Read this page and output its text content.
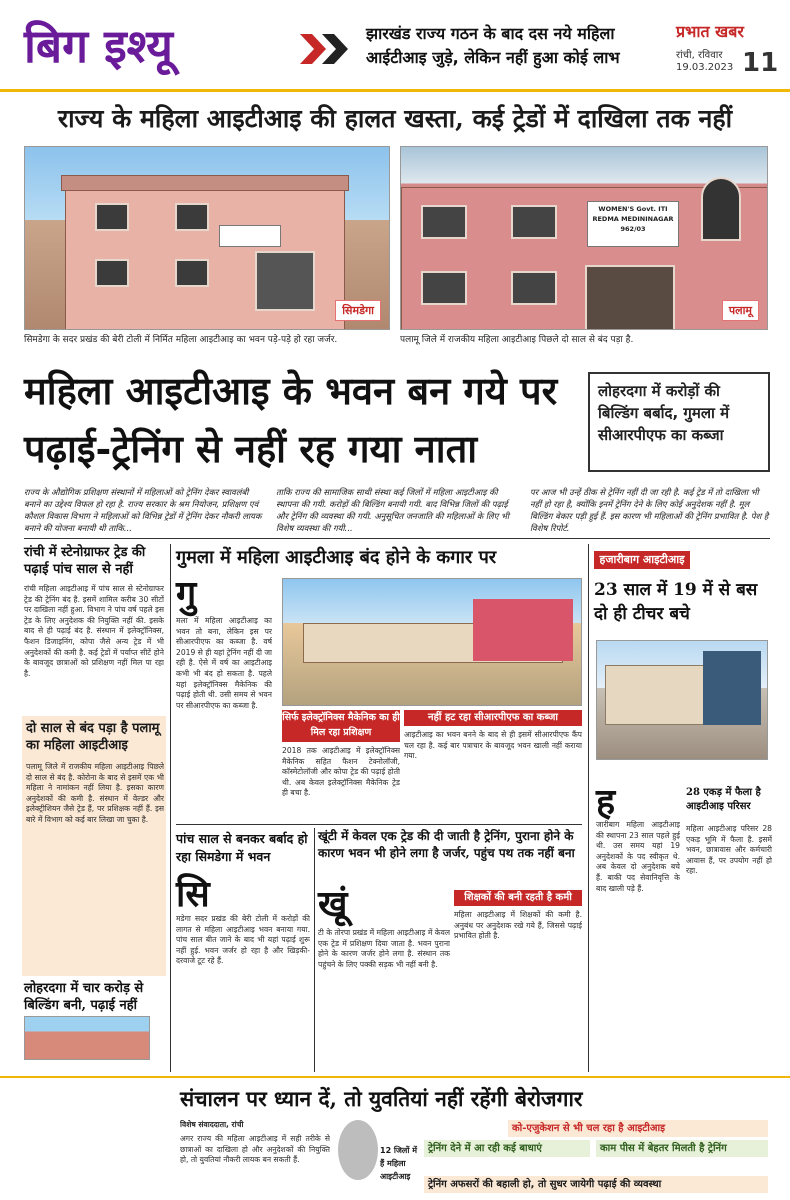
बिग इश्यू	झारखंड राज्य गठन के बाद दस नये महिला आईटीआइ जुड़े, लेकिन नहीं हुआ कोई लाभ
प्रभात खबर
रांची, रविवार
19.03.2023 11
राज्य के महिला आइटीआइ की हालत खस्ता, कई ट्रेडों में दाखिला तक नहीं
सिमडेगा
सिमडेगा के सदर प्रखंड की बेरी टोली में निर्मित महिला आइटीआइ का भवन पड़े-पड़े हो रहा जर्जर.
WOMEN'S Govt. ITI REDMA MEDININAGAR 962/03
पलामू
पलामू जिले में राजकीय महिला आइटीआइ पिछले दो साल से बंद पड़ा है.
महिला आइटीआइ के भवन बन गये पर पढ़ाई-ट्रेनिंग से नहीं रह गया नाता
लोहरदगा में करोड़ों की बिल्डिंग बर्बाद, गुमला में सीआरपीएफ का कब्जा
राज्य के औद्योगिक प्रशिक्षण संस्थानों में महिलाओं को ट्रेनिंग देकर स्वावलंबी बनाने का उद्देश्य विफल हो रहा है. राज्य सरकार के श्रम नियोजन, प्रशिक्षण एवं कौशल विकास विभाग ने महिलाओं को विभिन्न ट्रेडों में ट्रेनिंग देकर नौकरी लायक बनाने की योजना बनायी थी ताकि...
ताकि राज्य की सामाजिक साथी संस्था कई जिलों में महिला आइटीआइ की स्थापना की गयी. करोड़ों की बिल्डिंग बनायी गयी. बाद विभिन्न जिलों की पढ़ाई और ट्रेनिंग की व्यवस्था की गयी. अनुसूचित जनजाति की महिलाओं के लिए भी विशेष व्यवस्था की गयी...
पर आज भी उन्हें ठीक से ट्रेनिंग नहीं दी जा रही है. कई ट्रेड में तो दाखिला भी नहीं हो रहा है, क्योंकि इनमें ट्रेनिंग देने के लिए कोई अनुदेशक नहीं है. मूल बिल्डिंग बेकार पड़ी हुई हैं. इस कारण भी महिलाओं की ट्रेनिंग प्रभावित है. पेश है विशेष रिपोर्ट.
रांची में स्टेनोग्राफर ट्रेड की पढ़ाई पांच साल से नहीं
रांची महिला आइटीआइ में पांच साल से स्टेनोग्राफर ट्रेड की ट्रेनिंग बंद है. इसमें शामिल करीब 30 सीटों पर दाखिला नहीं हुआ. विभाग ने पांच वर्ष पहले इस ट्रेड के लिए अनुदेशक की नियुक्ति नहीं की. इसके बाद से ही पढ़ाई बंद है. संस्थान में इलेक्ट्रॉनिक्स, फैशन डिजाइनिंग, कोपा जैसे अन्य ट्रेड में भी अनुदेशकों की कमी है. कई ट्रेडों में पर्याप्त सीटें होने के बावजूद छात्राओं को प्रशिक्षण नहीं मिल पा रहा है.
दो साल से बंद पड़ा है पलामू का महिला आइटीआइ
पलामू जिले में राजकीय महिला आइटीआइ पिछले दो साल से बंद है. कोरोना के बाद से इसमें एक भी महिला ने नामांकन नहीं लिया है. इसका कारण अनुदेशकों की कमी है. संस्थान में वेल्डर और इलेक्ट्रीशियन जैसे ट्रेड हैं, पर प्रशिक्षक नहीं हैं. इस बारे में विभाग को कई बार लिखा जा चुका है.
लोहरदगा में चार करोड़ से बिल्डिंग बनी, पढ़ाई नहीं
गुमला में महिला आइटीआइ बंद होने के कगार पर
गु
मला में महिला आइटीआइ का भवन तो बना, लेकिन इस पर सीआरपीएफ का कब्जा है. वर्ष 2019 से ही यहां ट्रेनिंग नहीं दी जा रही है. ऐसे में वर्ष का आइटीआइ कभी भी बंद हो सकता है. पहले यहां इलेक्ट्रॉनिक्स मैकेनिक की पढ़ाई होती थी. उसी समय से भवन पर सीआरपीएफ का कब्जा है.
सिर्फ इलेक्ट्रॉनिक्स मैकेनिक का ही मिल रहा प्रशिक्षण
नहीं हट रहा सीआरपीएफ का कब्जा
2018 तक आइटीआइ में इलेक्ट्रॉनिक्स मैकेनिक सहित फैशन टेक्नोलॉजी, कॉस्मेटोलॉजी और कोपा ट्रेड की पढ़ाई होती थी. अब केवल इलेक्ट्रॉनिक्स मैकेनिक ट्रेड ही बचा है.
आइटीआइ का भवन बनने के बाद से ही इसमें सीआरपीएफ कैंप चल रहा है. कई बार पत्राचार के बावजूद भवन खाली नहीं कराया गया.
हजारीबाग आइटीआइ
23 साल में 19 में से बस दो ही टीचर बचे
ह
जारीबाग महिला आइटीआइ की स्थापना 23 साल पहले हुई थी. उस समय यहां 19 अनुदेशकों के पद स्वीकृत थे. अब केवल दो अनुदेशक बचे हैं. बाकी पद सेवानिवृत्ति के बाद खाली पड़े हैं.
28 एकड़ में फैला है आइटीआइ परिसर
महिला आइटीआइ परिसर 28 एकड़ भूमि में फैला है. इसमें भवन, छात्रावास और कर्मचारी आवास हैं, पर उपयोग नहीं हो रहा.
पांच साल से बनकर बर्बाद हो रहा सिमडेगा में भवन
सि
मडेगा सदर प्रखंड की बेरी टोली में करोड़ों की लागत से महिला आइटीआइ भवन बनाया गया. पांच साल बीत जाने के बाद भी यहां पढ़ाई शुरू नहीं हुई. भवन जर्जर हो रहा है और खिड़की-दरवाजे टूट रहे हैं.
खूंटी में केवल एक ट्रेड की दी जाती है ट्रेनिंग, पुराना होने के कारण भवन भी होने लगा है जर्जर, पहुंच पथ तक नहीं बना
खूं
टी के तोरपा प्रखंड में महिला आइटीआइ में केवल एक ट्रेड में प्रशिक्षण दिया जाता है. भवन पुराना होने के कारण जर्जर होने लगा है. संस्थान तक पहुंचने के लिए पक्की सड़क भी नहीं बनी है.
शिक्षकों की बनी रहती है कमी
महिला आइटीआइ में शिक्षकों की कमी है. अनुबंध पर अनुदेशक रखे गये हैं, जिससे पढ़ाई प्रभावित होती है.
संचालन पर ध्यान दें, तो युवतियां नहीं रहेंगी बेरोजगार
विशेष संवाददाता, रांची
अगर राज्य की महिला आइटीआइ में सही तरीके से छात्राओं का दाखिला हो और अनुदेशकों की नियुक्ति हो, तो युवतियां नौकरी लायक बन सकती हैं.
को-एजुकेशन से भी चल रहा है आइटीआइ
ट्रेनिंग देने में आ रही कई बाधाएं	काम पीस में बेहतर मिलती है ट्रेनिंग
12 जिलों में हैं महिला आइटीआइ
ट्रेनिंग अफसरों की बहाली हो, तो सुधर जायेगी पढ़ाई की व्यवस्था
